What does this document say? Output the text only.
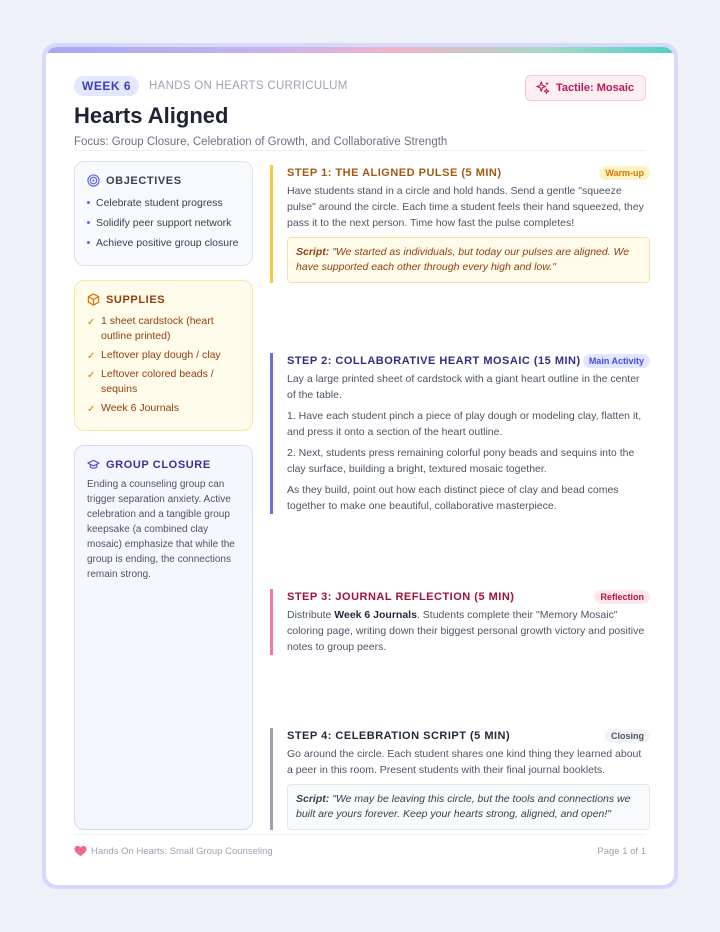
WEEK 6	HANDS ON HEARTS CURRICULUM
Hearts Aligned
Focus: Group Closure, Celebration of Growth, and Collaborative Strength
Tactile: Mosaic
OBJECTIVES
Celebrate student progress
Solidify peer support network
Achieve positive group closure
SUPPLIES
✓ 1 sheet cardstock (heart outline printed)
✓ Leftover play dough / clay
✓ Leftover colored beads / sequins
✓ Week 6 Journals
GROUP CLOSURE

Ending a counseling group can trigger separation anxiety. Active celebration and a tangible group keepsake (a combined clay mosaic) emphasize that while the group is ending, the connections remain strong.

STEP 1: THE ALIGNED PULSE (5 MIN)	Warm-up

Have students stand in a circle and hold hands. Send a gentle "squeeze pulse" around the circle. Each time a student feels their hand squeezed, they pass it to the next person. Time how fast the pulse completes!

Script: "We started as individuals, but today our pulses are aligned. We have supported each other through every high and low."
STEP 2: COLLABORATIVE HEART MOSAIC (15 MIN) Main Activity

Lay a large printed sheet of cardstock with a giant heart outline in the center of the table.

1. Have each student pinch a piece of play dough or modeling clay, flatten it, and press it onto a section of the heart outline.

2. Next, students press remaining colorful pony beads and sequins into the clay surface, building a bright, textured mosaic together.

As they build, point out how each distinct piece of clay and bead comes together to make one beautiful, collaborative masterpiece.

STEP 3: JOURNAL REFLECTION (5 MIN)	Reflection

Distribute Week 6 Journals. Students complete their "Memory Mosaic" coloring page, writing down their biggest personal growth victory and positive notes to group peers.

STEP 4: CELEBRATION SCRIPT (5 MIN)	Closing

Go around the circle. Each student shares one kind thing they learned about a peer in this room. Present students with their final journal booklets.

Script: "We may be leaving this circle, but the tools and connections we built are yours forever. Keep your hearts strong, aligned, and open!"
Hands On Hearts: Small Group Counseling	Page 1 of 1
